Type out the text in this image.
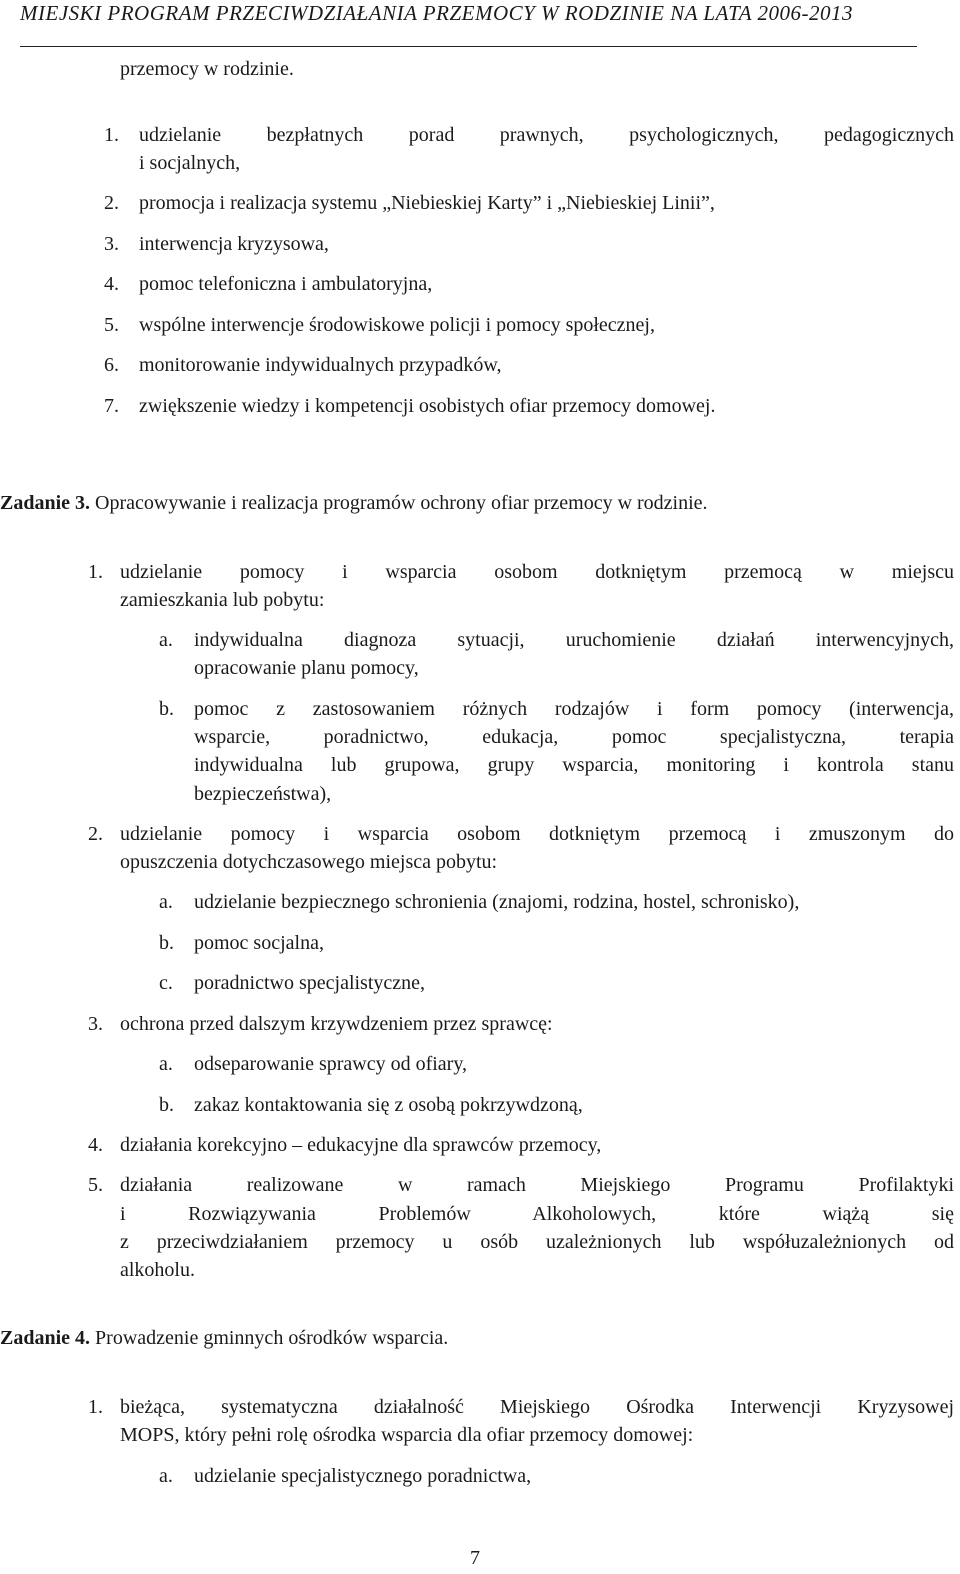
MIEJSKI PROGRAM PRZECIWDZIAŁANIA PRZEMOCY W RODZINIE NA LATA 2006-2013
przemocy w rodzinie.
1. udzielanie bezpłatnych porad prawnych, psychologicznych, pedagogicznych
i socjalnych,
2. promocja i realizacja systemu „Niebieskiej Karty” i „Niebieskiej Linii”,
3. interwencja kryzysowa,
4. pomoc telefoniczna i ambulatoryjna,
5. wspólne interwencje środowiskowe policji i pomocy społecznej,
6. monitorowanie indywidualnych przypadków,
7. zwiększenie wiedzy i kompetencji osobistych ofiar przemocy domowej.
Zadanie 3. Opracowywanie i realizacja programów ochrony ofiar przemocy w rodzinie.
1. udzielanie pomocy i wsparcia osobom dotkniętym przemocą w miejscu
zamieszkania lub pobytu:
a. indywidualna diagnoza sytuacji, uruchomienie działań interwencyjnych,
opracowanie planu pomocy,
b. pomoc z zastosowaniem różnych rodzajów i form pomocy (interwencja,
wsparcie, poradnictwo, edukacja, pomoc specjalistyczna, terapia
indywidualna lub grupowa, grupy wsparcia, monitoring i kontrola stanu
bezpieczeństwa),
2. udzielanie pomocy i wsparcia osobom dotkniętym przemocą i zmuszonym do
opuszczenia dotychczasowego miejsca pobytu:
a. udzielanie bezpiecznego schronienia (znajomi, rodzina, hostel, schronisko),
b. pomoc socjalna,
c. poradnictwo specjalistyczne,
3. ochrona przed dalszym krzywdzeniem przez sprawcę:
a. odseparowanie sprawcy od ofiary,
b. zakaz kontaktowania się z osobą pokrzywdzoną,
4. działania korekcyjno – edukacyjne dla sprawców przemocy,
5. działania realizowane w ramach Miejskiego Programu Profilaktyki
i Rozwiązywania Problemów Alkoholowych, które wiążą się
z przeciwdziałaniem przemocy u osób uzależnionych lub współuzależnionych od
alkoholu.
Zadanie 4. Prowadzenie gminnych ośrodków wsparcia.
1. bieżąca, systematyczna działalność Miejskiego Ośrodka Interwencji Kryzysowej
MOPS, który pełni rolę ośrodka wsparcia dla ofiar przemocy domowej:
a. udzielanie specjalistycznego poradnictwa,
7
